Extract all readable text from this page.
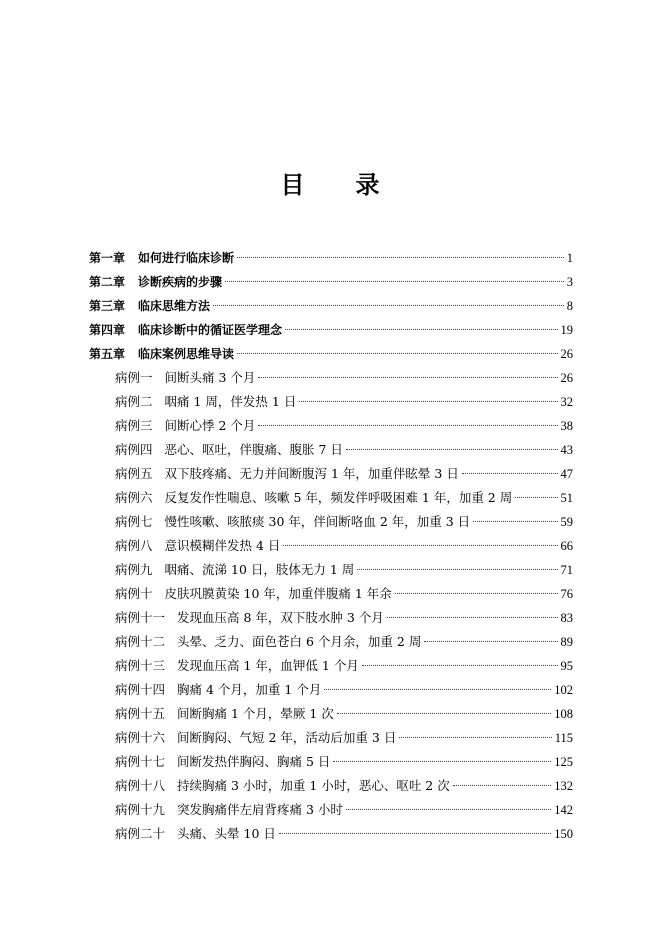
目　　录
第一章 如何进行临床诊断	1
第二章 诊断疾病的步骤	3
第三章 临床思维方法	8
第四章 临床诊断中的循证医学理念	19
第五章 临床案例思维导读	26
病例一 间断头痛 3 个月	26
病例二 咽痛 1 周，伴发热 1 日	32
病例三 间断心悸 2 个月	38
病例四 恶心、呕吐，伴腹痛、腹胀 7 日	43
病例五 双下肢疼痛、无力并间断腹泻 1 年，加重伴眩晕 3 日	47
病例六 反复发作性喘息、咳嗽 5 年，频发伴呼吸困难 1 年，加重 2 周	51
病例七 慢性咳嗽、咳脓痰 30 年，伴间断咯血 2 年，加重 3 日	59
病例八 意识模糊伴发热 4 日	66
病例九 咽痛、流涕 10 日，肢体无力 1 周	71
病例十 皮肤巩膜黄染 10 年，加重伴腹痛 1 年余	76
病例十一 发现血压高 8 年，双下肢水肿 3 个月	83
病例十二 头晕、乏力、面色苍白 6 个月余，加重 2 周	89
病例十三 发现血压高 1 年，血钾低 1 个月	95
病例十四 胸痛 4 个月，加重 1 个月	102
病例十五 间断胸痛 1 个月，晕厥 1 次	108
病例十六 间断胸闷、气短 2 年，活动后加重 3 日	115
病例十七 间断发热伴胸闷、胸痛 5 日	125
病例十八 持续胸痛 3 小时，加重 1 小时，恶心、呕吐 2 次	132
病例十九 突发胸痛伴左肩背疼痛 3 小时	142
病例二十 头痛、头晕 10 日	150
